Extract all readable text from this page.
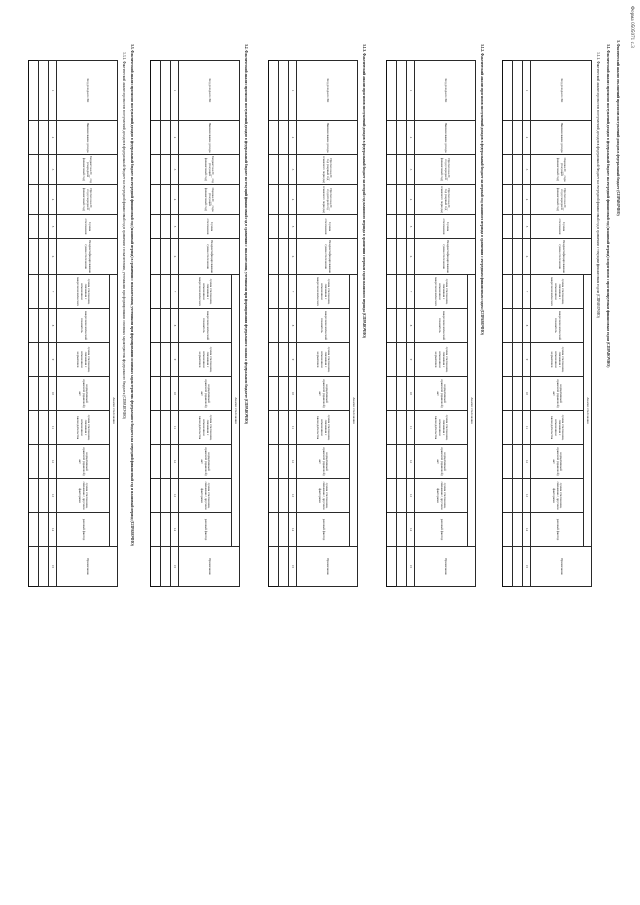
Форма 0505071 с.3
3. Фактический анализ отклонений прогнозов поступлений доходов в федеральный бюджет (СПРАВОЧНО)
3.1. Фактический анализ прогнозов поступлений доходов в федеральный бюджет на очередной финансовый год (плановый период) и прогнозов с прогнозируемым финансовым годом (СПРАВОЧНО)
3.1.1. Фактический анализ прогнозов поступлений доходов в федеральный бюджет на очередной финансовый год в сравнении с текущим финансовым годом (СПРАВОЧНО)
Код дохода по БК	Наименование дохода	Оценка 20__ года (текущий финансовый год)	Прогноз на 20__ год (очередной финансовый год)	Сумма отклонения	Неидентифицированная сумма отклонения	Анализ отклонения								Примечание
						сумма отклонения, связанная с изменением макроэкономических	макроэкономический показатель	сумма отклонения, связанная с изменением нормативов	нормативный правовой (правовой) акт	сумма отклонения, связанная с изменением законодательства	нормативный правовой (правовой) акт	сумма отклонения, связанная с другими факторами	разовый фактор	
1	2	3	4	5	6	7	8	9	10	11	12	13	14	15

3.1.2. Фактический анализ прогнозов поступлений доходов в федеральный бюджет на первый год планового периода в сравнении с очередным финансовым годом (СПРАВОЧНО)
Код дохода по БК	Наименование дохода	Прогноз на 20__ год (очередной финансовый год)	Прогноз на 20__ год (первый год планового периода)	Сумма отклонения	Неидентифицированная сумма отклонения	Анализ отклонения								Примечание
						сумма отклонения, связанная с изменением макроэкономических	макроэкономический показатель	сумма отклонения, связанная с изменением нормативов	нормативный правовой (правовой) акт	сумма отклонения, связанная с изменением законодательства	нормативный правовой (правовой) акт	сумма отклонения, связанная с другими факторами	разовый фактор	
1	2	3	4	5	6	7	8	9	10	11	12	13	14	15

3.1.3. Фактический анализ прогнозов поступлений доходов в федеральный бюджет на второй год планового периода в сравнении с первым годом планового периода (СПРАВОЧНО)
Код дохода по БК	Наименование дохода	Прогноз на 20__ год (первый год планового периода)	Прогноз на 20__ год (второй год планового периода)	Сумма отклонения	Неидентифицированная сумма отклонения	Анализ отклонения								Примечание
						сумма отклонения, связанная с изменением макроэкономических	макроэкономический показатель	сумма отклонения, связанная с изменением нормативов	нормативный правовой (правовой) акт	сумма отклонения, связанная с изменением законодательства	нормативный правовой (правовой) акт	сумма отклонения, связанная с другими факторами	разовый фактор	
1	2	3	4	5	6	7	8	9	10	11	12	13	14	15

3.2. Фактический анализ прогнозов поступлений доходов в федеральный бюджет на текущий финансовый год в сравнении с показателями, учтенными при формировании федерального закона о федеральном бюджете (СПРАВОЧНО)
Код дохода по БК	Наименование дохода	Бюджет на 20__ год (текущий финансовый год)	Оценка 20__ года (текущий финансовый год)	Сумма отклонения	Неидентифицированная сумма отклонения	Анализ отклонения								Примечание
						сумма отклонения, связанная с изменением макроэкономических	макроэкономический показатель	сумма отклонения, связанная с изменением нормативов	нормативный правовой (правовой) акт	сумма отклонения, связанная с изменением законодательства	нормативный правовой (правовой) акт	сумма отклонения, связанная с другими факторами	разовый фактор	
1	2	3	4	5	6	7	8	9	10	11	12	13	14	15

3.3. Фактический анализ прогнозов поступлений доходов в федеральный бюджет на очередной финансовый год (плановый период) в сравнении с показателями, учтенными при формировании основных характеристик федерального бюджета на очередной финансовый год и плановый период (СПРАВОЧНО)
3.3.1. Фактический анализ прогнозов поступлений доходов в федеральный бюджет на очередной финансовый год в сравнении с показателями, учтенными при формировании основных характеристик федерального бюджета (СПРАВОЧНО)
Код дохода по БК	Наименование дохода	Бюджет на 20__ год (очередной финансовый год)	Прогноз на 20__ год (очередной финансовый год)	Сумма отклонения	Неидентифицированная сумма отклонения	Анализ отклонения								Примечание
						сумма отклонения, связанная с изменением макроэкономических	макроэкономический показатель	сумма отклонения, связанная с изменением нормативов	нормативный правовой (правовой) акт	сумма отклонения, связанная с изменением законодательства	нормативный правовой (правовой) акт	сумма отклонения, связанная с другими факторами	разовый фактор	
1	2	3	4	5	6	7	8	9	10	11	12	13	14	15
